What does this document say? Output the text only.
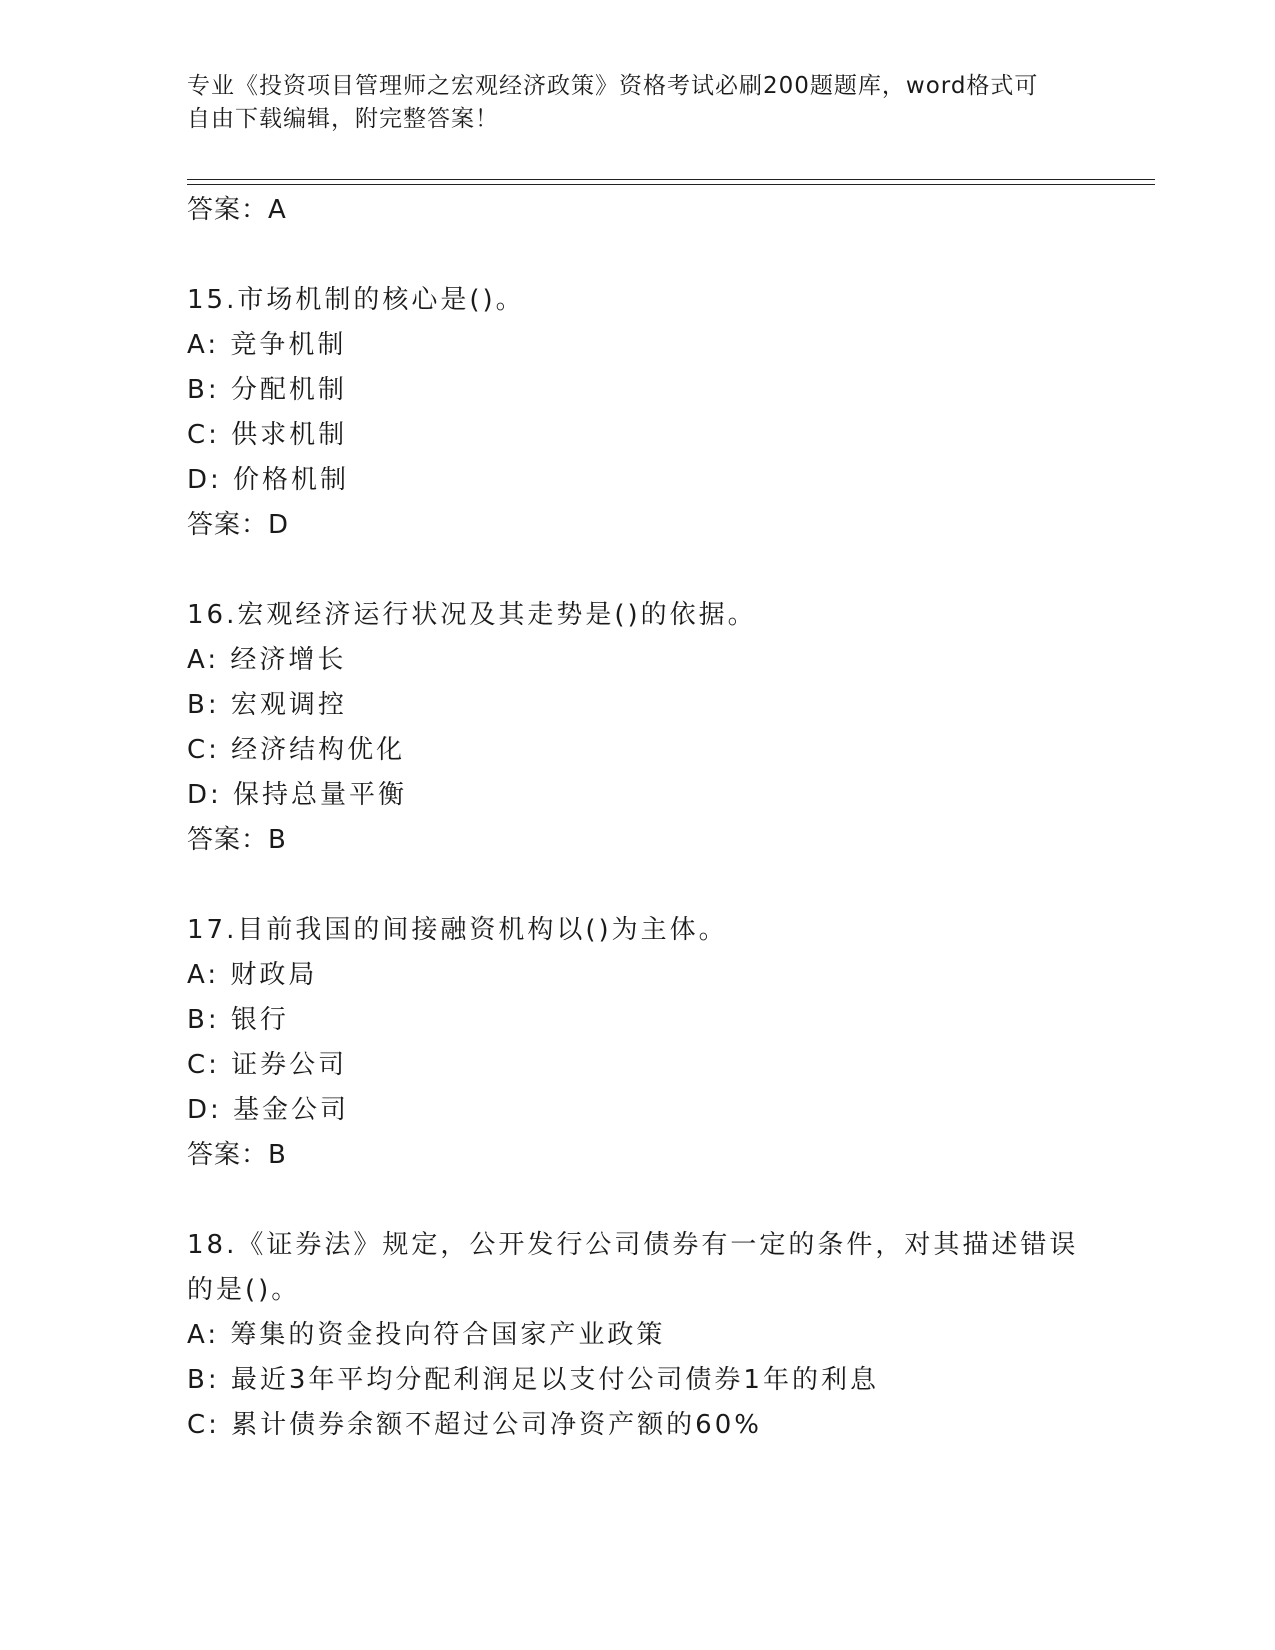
专业《投资项目管理师之宏观经济政策》资格考试必刷200题题库，word格式可
自由下载编辑，附完整答案！
答案：A
15.市场机制的核心是()。
A: 竞争机制
B: 分配机制
C: 供求机制
D: 价格机制
答案：D
16.宏观经济运行状况及其走势是()的依据。
A: 经济增长
B: 宏观调控
C: 经济结构优化
D: 保持总量平衡
答案：B
17.目前我国的间接融资机构以()为主体。
A: 财政局
B: 银行
C: 证券公司
D: 基金公司
答案：B
18.《证券法》规定，公开发行公司债券有一定的条件，对其描述错误
的是()。
A: 筹集的资金投向符合国家产业政策
B: 最近3年平均分配利润足以支付公司债券1年的利息
C: 累计债券余额不超过公司净资产额的60%
